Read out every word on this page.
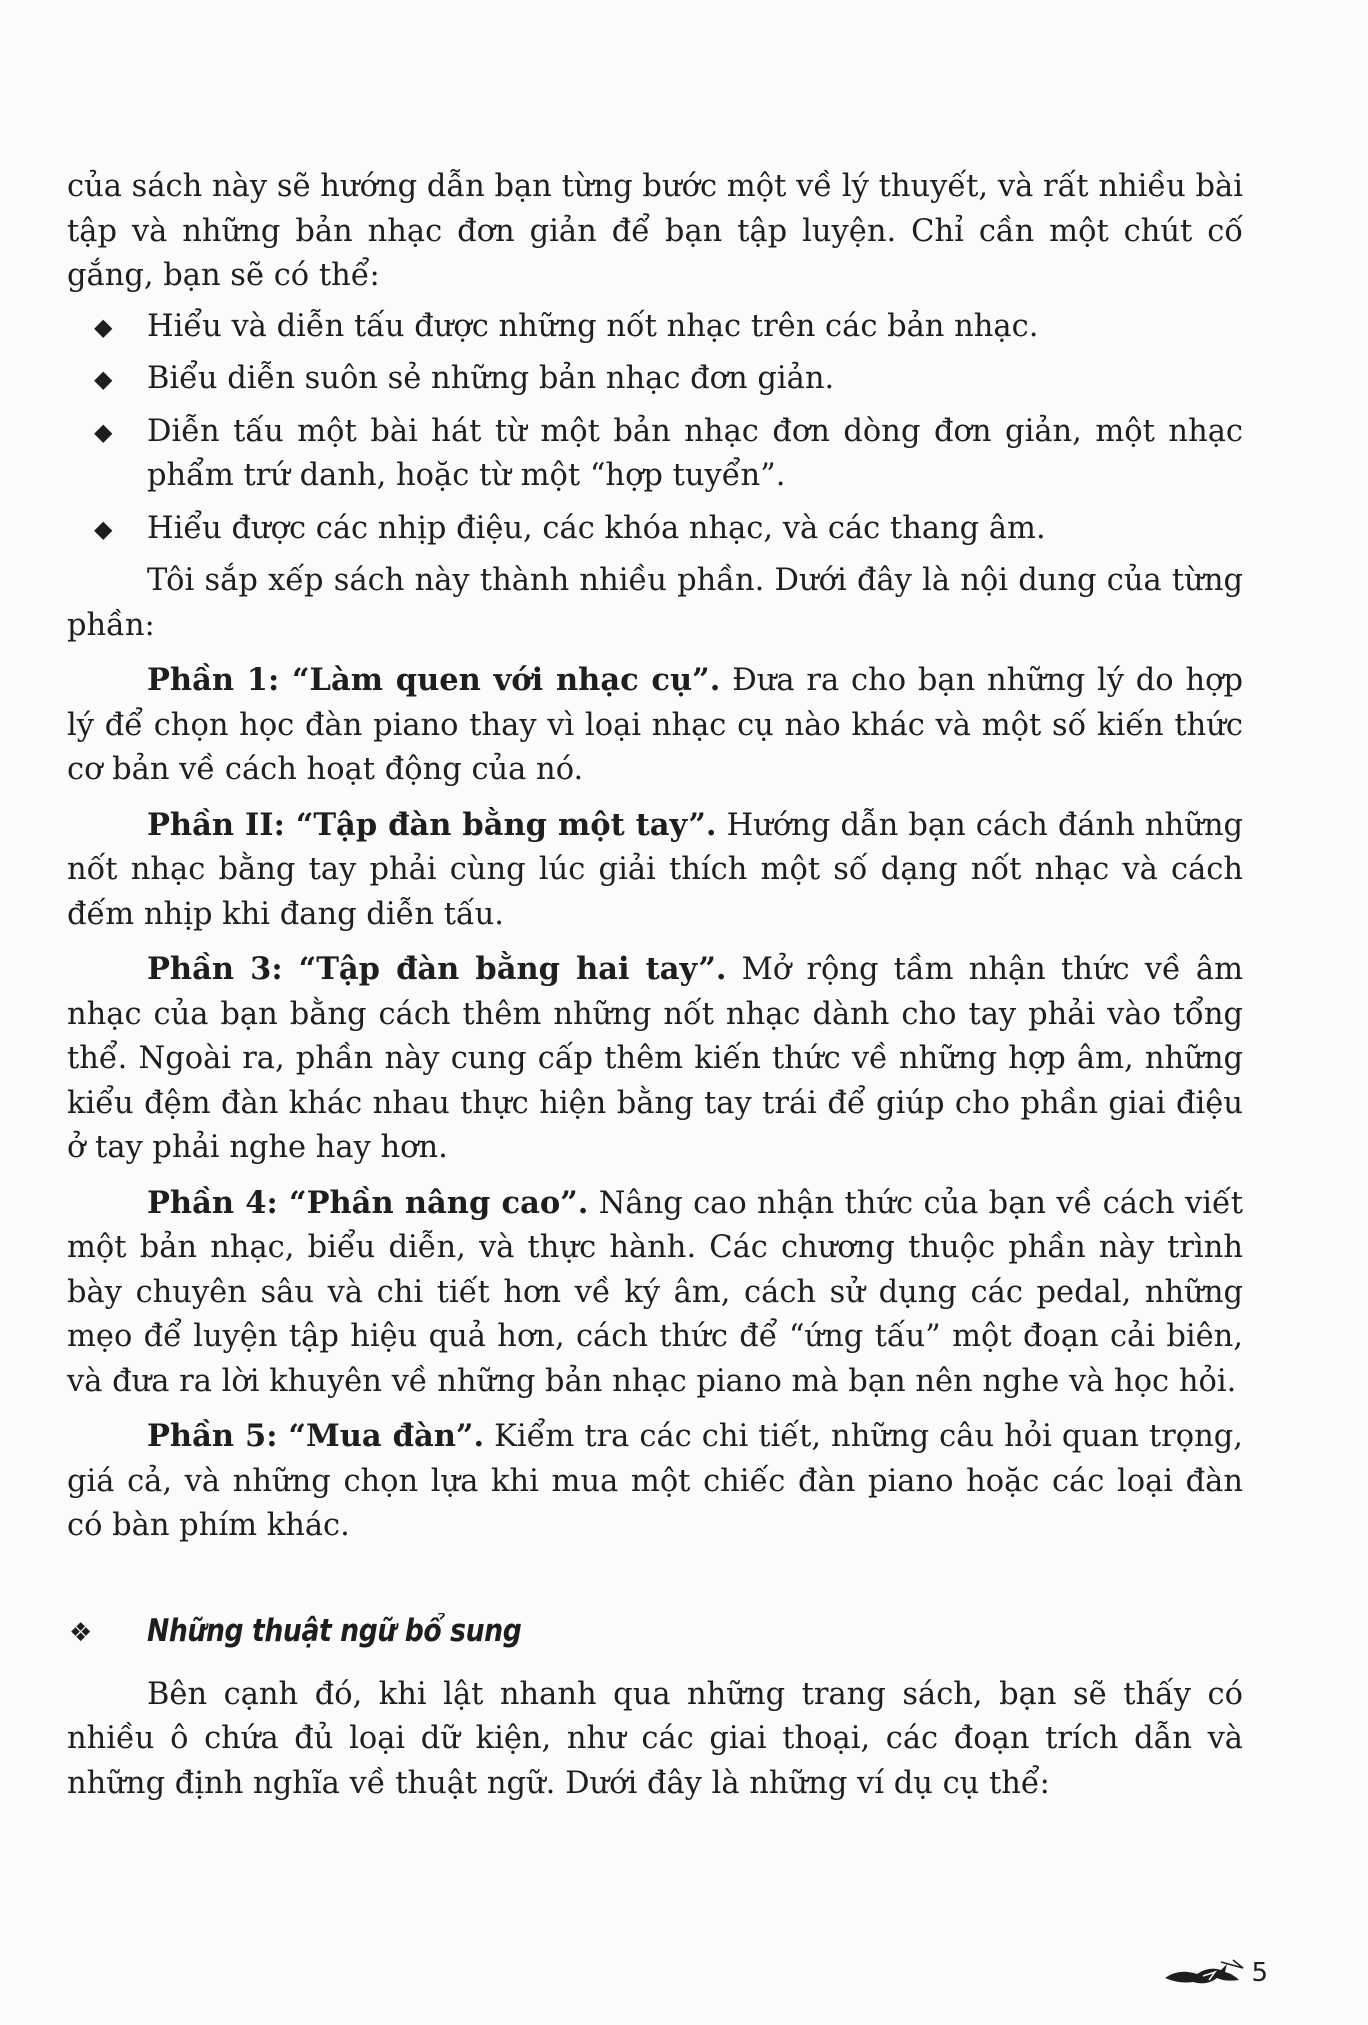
của sách này sẽ hướng dẫn bạn từng bước một về lý thuyết, và rất nhiều bài tập và những bản nhạc đơn giản để bạn tập luyện. Chỉ cần một chút cố gắng, bạn sẽ có thể:

◆ Hiểu và diễn tấu được những nốt nhạc trên các bản nhạc.
◆ Biểu diễn suôn sẻ những bản nhạc đơn giản.
◆ Diễn tấu một bài hát từ một bản nhạc đơn dòng đơn giản, một nhạc phẩm trứ danh, hoặc từ một “hợp tuyển”.
◆ Hiểu được các nhịp điệu, các khóa nhạc, và các thang âm.

Tôi sắp xếp sách này thành nhiều phần. Dưới đây là nội dung của từng phần:

Phần 1: “Làm quen với nhạc cụ”. Đưa ra cho bạn những lý do hợp lý để chọn học đàn piano thay vì loại nhạc cụ nào khác và một số kiến thức cơ bản về cách hoạt động của nó.

Phần II: “Tập đàn bằng một tay”. Hướng dẫn bạn cách đánh những nốt nhạc bằng tay phải cùng lúc giải thích một số dạng nốt nhạc và cách đếm nhịp khi đang diễn tấu.

Phần 3: “Tập đàn bằng hai tay”. Mở rộng tầm nhận thức về âm nhạc của bạn bằng cách thêm những nốt nhạc dành cho tay phải vào tổng thể. Ngoài ra, phần này cung cấp thêm kiến thức về những hợp âm, những kiểu đệm đàn khác nhau thực hiện bằng tay trái để giúp cho phần giai điệu ở tay phải nghe hay hơn.

Phần 4: “Phần nâng cao”. Nâng cao nhận thức của bạn về cách viết một bản nhạc, biểu diễn, và thực hành. Các chương thuộc phần này trình bày chuyên sâu và chi tiết hơn về ký âm, cách sử dụng các pedal, những mẹo để luyện tập hiệu quả hơn, cách thức để “ứng tấu” một đoạn cải biên, và đưa ra lời khuyên về những bản nhạc piano mà bạn nên nghe và học hỏi.

Phần 5: “Mua đàn”. Kiểm tra các chi tiết, những câu hỏi quan trọng, giá cả, và những chọn lựa khi mua một chiếc đàn piano hoặc các loại đàn có bàn phím khác.

❖ Những thuật ngữ bổ sung

Bên cạnh đó, khi lật nhanh qua những trang sách, bạn sẽ thấy có nhiều ô chứa đủ loại dữ kiện, như các giai thoại, các đoạn trích dẫn và những định nghĩa về thuật ngữ. Dưới đây là những ví dụ cụ thể:

5
